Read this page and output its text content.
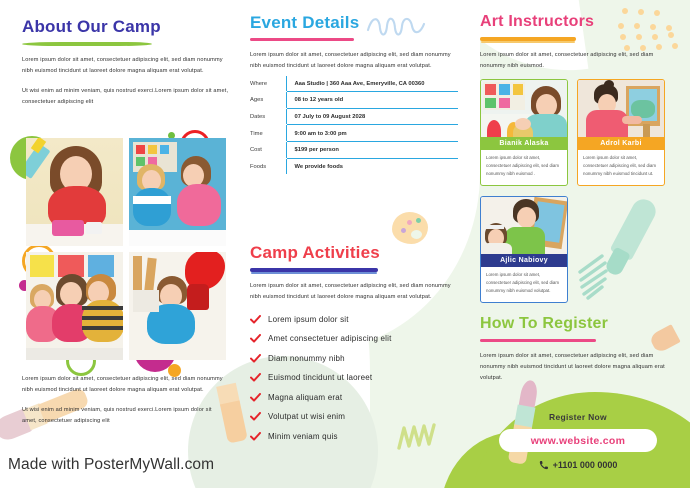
About Our Camp
Lorem ipsum dolor sit amet, consectetuer adipiscing elit, sed diam nonummy nibh euismod tincidunt ut laoreet dolore magna aliquam erat volutpat.
Ut wisi enim ad minim veniam, quis nostrud exerci.Lorem ipsum dolor sit amet, consectetuer adipiscing elit
Lorem ipsum dolor sit amet, consectetuer adipiscing elit, sed diam nonummy nibh euismod tincidunt ut laoreet dolore magna aliquam erat volutpat.
Ut wisi enim ad minim veniam, quis nostrud exerci.Lorem ipsum dolor sit amet, consectetuer adipiscing elit
Event Details
Lorem ipsum dolor sit amet, consectetuer adipiscing elit, sed diam nonummy nibh euismod tincidunt ut laoreet dolore magna aliquam erat volutpat.
Where	Aaa Studio | 360 Aaa Ave, Emeryville, CA 00360
Ages	08 to 12 years old
Dates	07 July to 09 August 2028
Time	9:00 am to 3:00 pm
Cost	$199 per person
Foods	We provide foods
Camp Activities
Lorem ipsum dolor sit amet, consectetuer adipiscing elit, sed diam nonummy nibh euismod tincidunt ut laoreet dolore magna aliquam erat volutpat.
Lorem ipsum dolor sit
Amet consectetuer adipiscing elit
Diam nonummy nibh
Euismod tincidunt ut laoreet
Magna aliquam erat
Volutpat ut wisi enim
Minim veniam quis
Art Instructors
Lorem ipsum dolor sit amet, consectetuer adipiscing elit, sed diam nonummy nibh euismod.
Bianik Alaska
Lorem ipsum dolor sit amet, consectetuer adipiscing elit, sed diam nonummy nibh euismod .
Adrol Karbi
Lorem ipsum dolor sit amet, consectetuer adipiscing elit, sed diam nonummy nibh euismod tincidunt ut.
Ajlic Nabiovy
Lorem ipsum dolor sit amet, consectetuer adipiscing elit, sed diam nonummy nibh euismod volutpat.
How To Register
Lorem ipsum dolor sit amet, consectetuer adipiscing elit, sed diam nonummy nibh euismod tincidunt ut laoreet dolore magna aliquam erat volutpat.
Register Now
www.website.com
+1101 000 0000
Made with PosterMyWall.com
